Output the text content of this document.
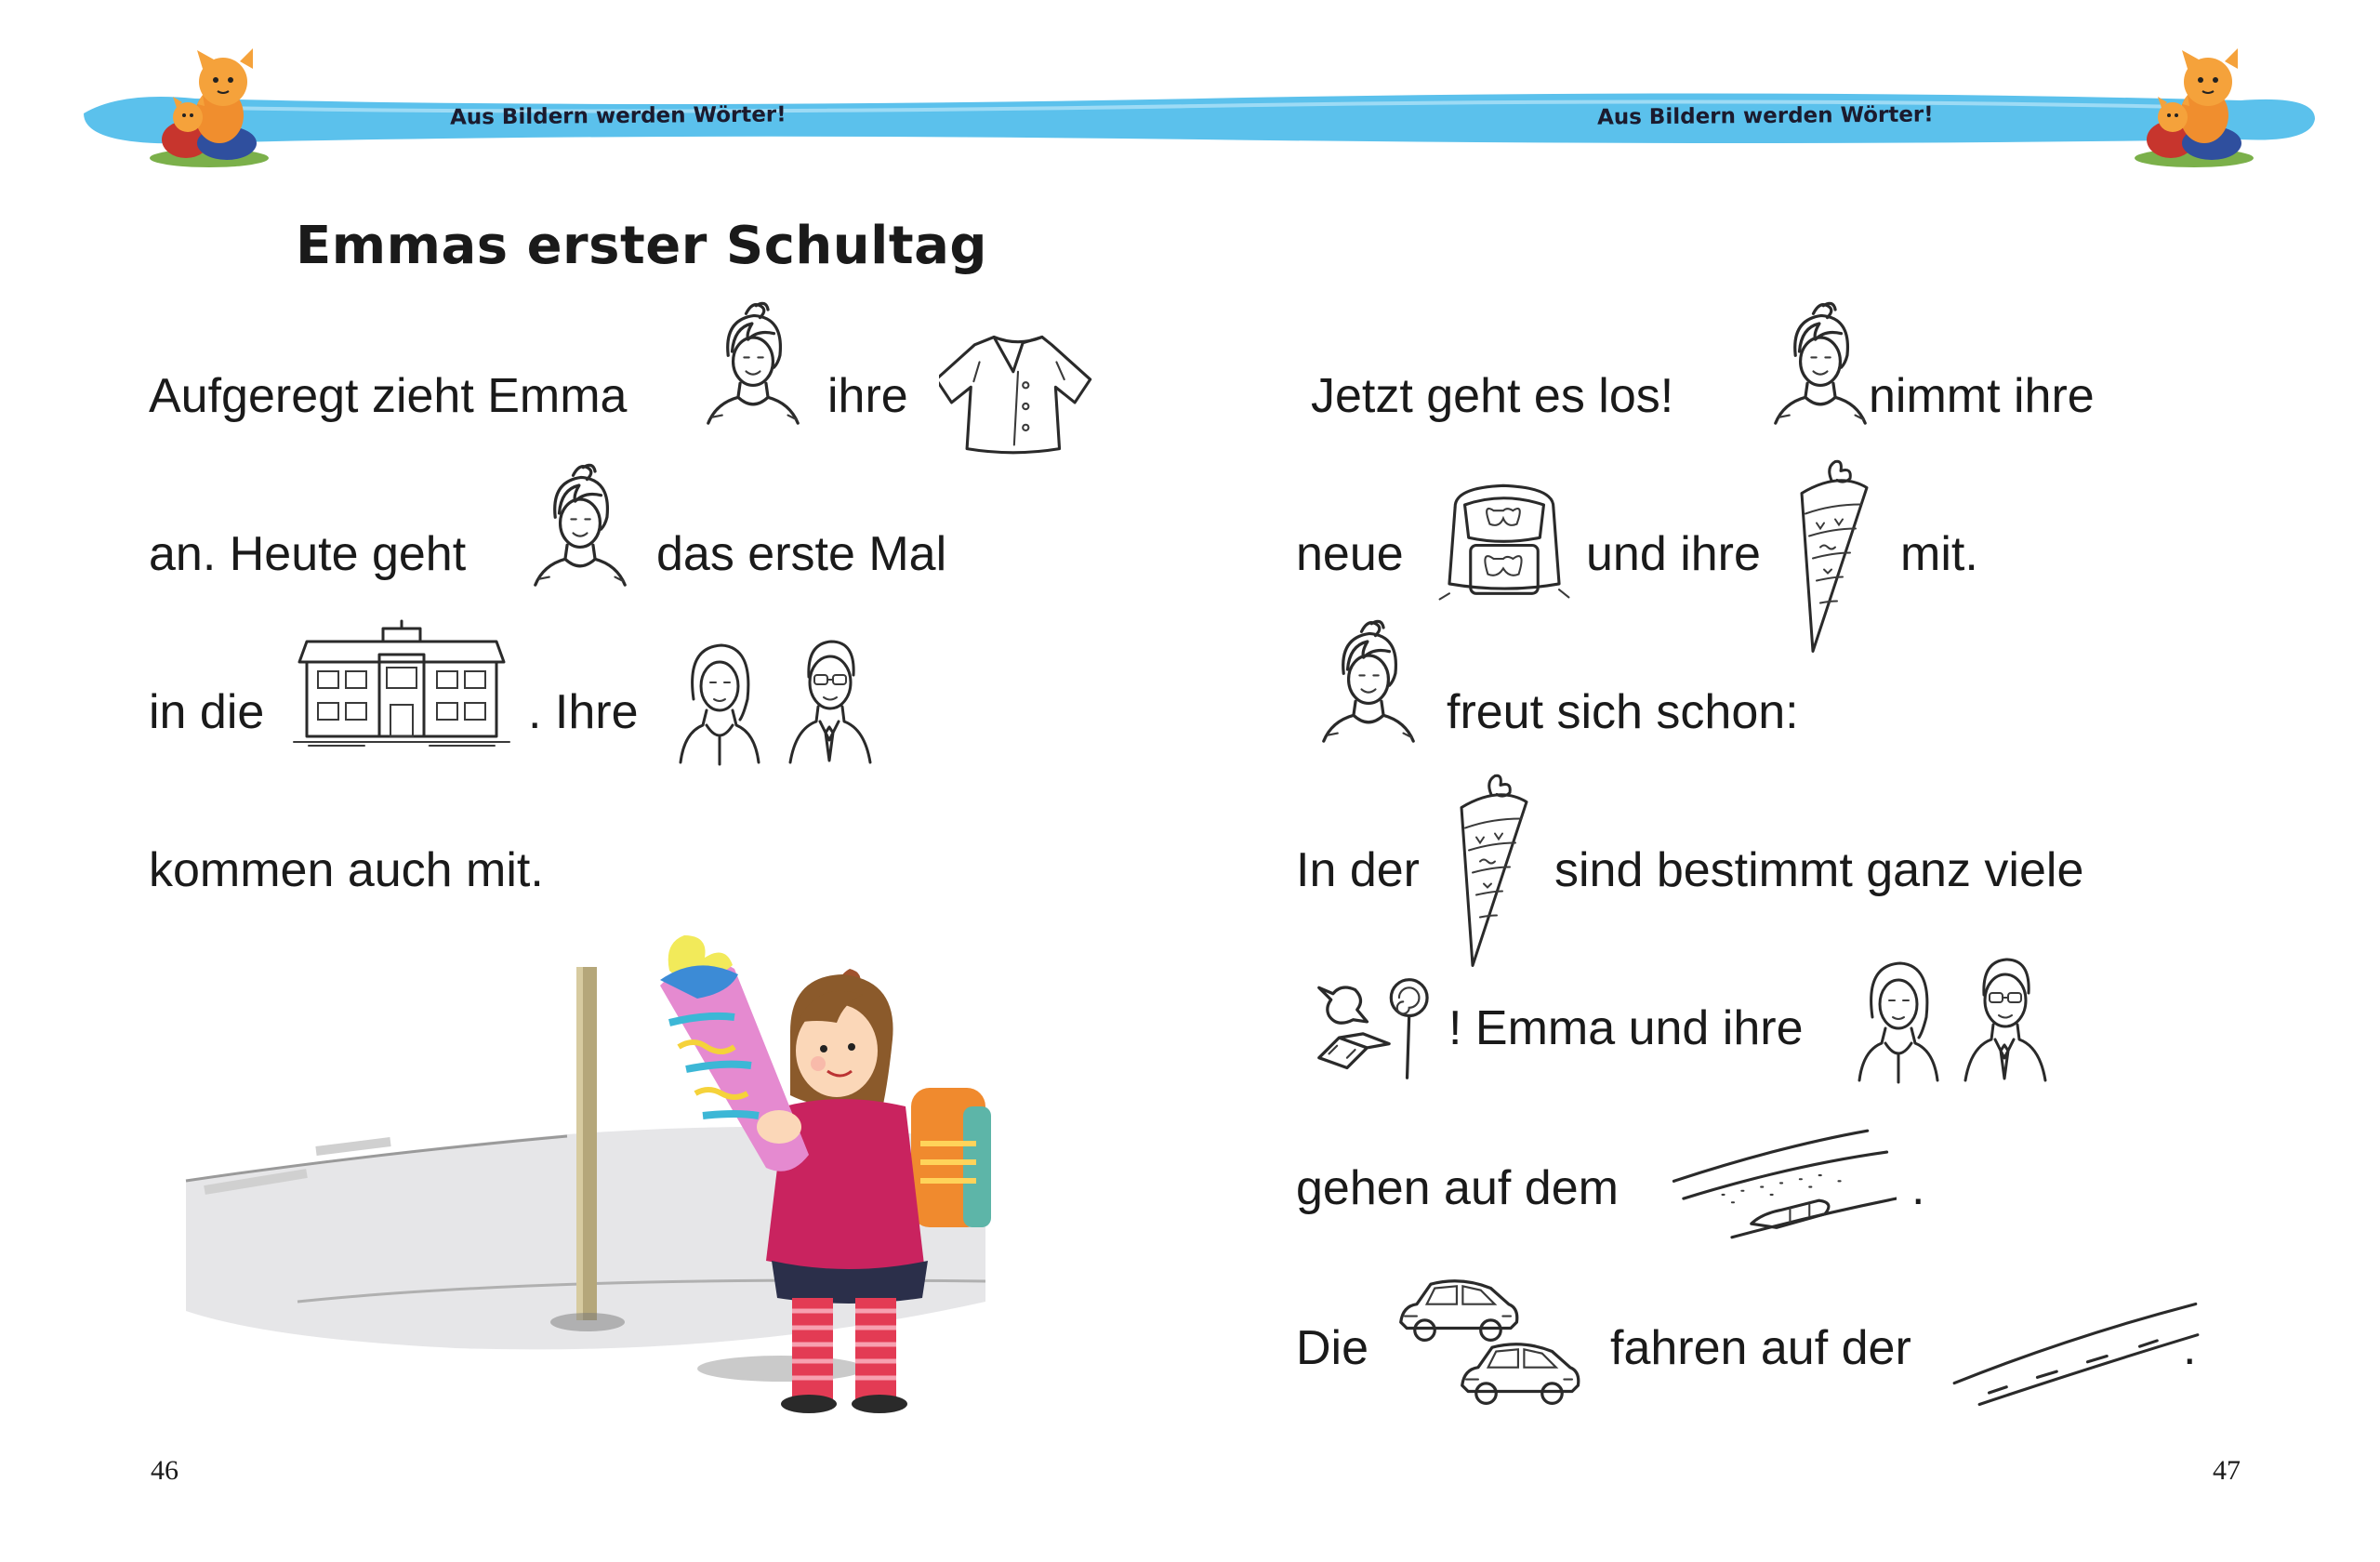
Aus Bildern werden Wörter!	Aus Bildern werden Wörter!
Emmas erster Schultag
Aufgeregt zieht Emma	ihre
an. Heute geht	das erste Mal
in die	. Ihre
kommen auch mit.
46
Jetzt geht es los!	nimmt ihre
neue	und ihre	mit.
freut sich schon:
In der	sind bestimmt ganz viele
! Emma und ihre
gehen auf dem	.
Die	fahren auf der	.
47
